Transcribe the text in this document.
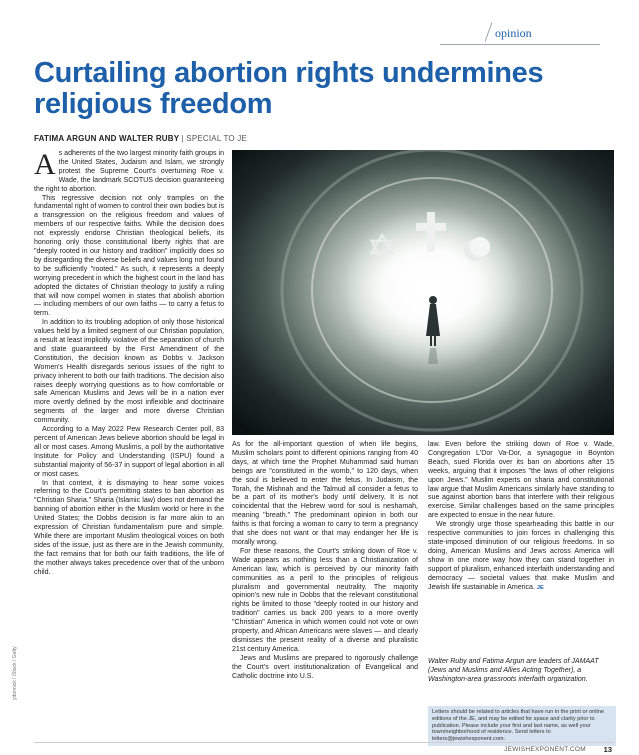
opinion
Curtailing abortion rights undermines religious freedom
FATIMA ARGUN AND WALTER RUBY | SPECIAL TO JE

As adherents of the two largest minority faith groups in the United States, Judaism and Islam, we strongly protest the Supreme Court's overturning Roe v. Wade, the landmark SCOTUS decision guaranteeing the right to abortion.

This regressive decision not only tramples on the fundamental right of women to control their own bodies but is a transgression on the religious freedom and values of members of our respective faiths. While the decision does not expressly endorse Christian theological beliefs, its honoring only those constitutional liberty rights that are "deeply rooted in our history and tradition" implicitly does so by disregarding the diverse beliefs and values long not found to be sufficiently "rooted." As such, it represents a deeply worrying precedent in which the highest court in the land has adopted the dictates of Christian theology to justify a ruling that will now compel women in states that abolish abortion — including members of our own faiths — to carry a fetus to term.

In addition to its troubling adoption of only those historical values held by a limited segment of our Christian population, a result at least implicitly violative of the separation of church and state guaranteed by the First Amendment of the Constitution, the decision known as Dobbs v. Jackson Women's Health disregards serious issues of the right to privacy inherent to both our faith traditions. The decision also raises deeply worrying questions as to how comfortable or safe American Muslims and Jews will be in a nation ever more overtly defined by the most inflexible and doctrinaire segments of the larger and more diverse Christian community.

According to a May 2022 Pew Research Center poll, 83 percent of American Jews believe abortion should be legal in all or most cases. Among Muslims, a poll by the authoritative Institute for Policy and Understanding (ISPU) found a substantial majority of 56-37 in support of legal abortion in all or most cases.

In that context, it is dismaying to hear some voices referring to the Court's permitting states to ban abortion as "Christian Sharia." Sharia (Islamic law) does not demand the banning of abortion either in the Muslim world or here in the United States; the Dobbs decision is far more akin to an expression of Christian fundamentalism pure and simple. While there are important Muslim theological voices on both sides of the issue, just as there are in the Jewish community, the fact remains that for both our faith traditions, the life of the mother always takes precedence over that of the unborn child.

As for the all-important question of when life begins, Muslim scholars point to different opinions ranging from 40 days, at which time the Prophet Muhammad said human beings are "constituted in the womb," to 120 days, when the soul is believed to enter the fetus. In Judaism, the Torah, the Mishnah and the Talmud all consider a fetus to be a part of its mother's body until delivery. It is not coincidental that the Hebrew word for soul is neshamah, meaning "breath." The predominant opinion in both our faiths is that forcing a woman to carry to term a pregnancy that she does not want or that may endanger her life is morally wrong.

For these reasons, the Court's striking down of Roe v. Wade appears as nothing less than a Christianization of American law, which is perceived by our minority faith communities as a peril to the principles of religious pluralism and governmental neutrality. The majority opinion's new rule in Dobbs that the relevant constitutional rights be limited to those "deeply rooted in our history and tradition" carries us back 200 years to a more overtly "Christian" America in which women could not vote or own property, and African Americans were slaves — and clearly dismisses the present reality of a diverse and pluralistic 21st century America.

Jews and Muslims are prepared to rigorously challenge the Court's overt institutionalization of Evangelical and Catholic doctrine into U.S.

law. Even before the striking down of Roe v. Wade, Congregation L'Dor Va-Dor, a synagogue in Boynton Beach, sued Florida over its ban on abortions after 15 weeks, arguing that it imposes "the laws of other religions upon Jews." Muslim experts on sharia and constitutional law argue that Muslim Americans similarly have standing to sue against abortion bans that interfere with their religious exercise. Similar challenges based on the same principles are expected to ensue in the near future.

We strongly urge those spearheading this battle in our respective communities to join forces in challenging this state-imposed diminution of our religious freedoms. In so doing, American Muslims and Jews across America will show in one more way how they can stand together in support of pluralism, enhanced interfaith understanding and democracy — societal values that make Muslim and Jewish life sustainable in America. JE

Walter Ruby and Fatima Argun are leaders of JAMAAT (Jews and Muslims and Allies Acting Together), a Washington-area grassroots interfaith organization.
Letters should be related to articles that have run in the print or online editions of the JE, and may be edited for space and clarity prior to publication. Please include your first and last name, as well your town/neighborhood of residence. Send letters to letters@jewishexponent.com.
ydonnick / iStock / Getty
JEWISHEXPONENT.COM 13
